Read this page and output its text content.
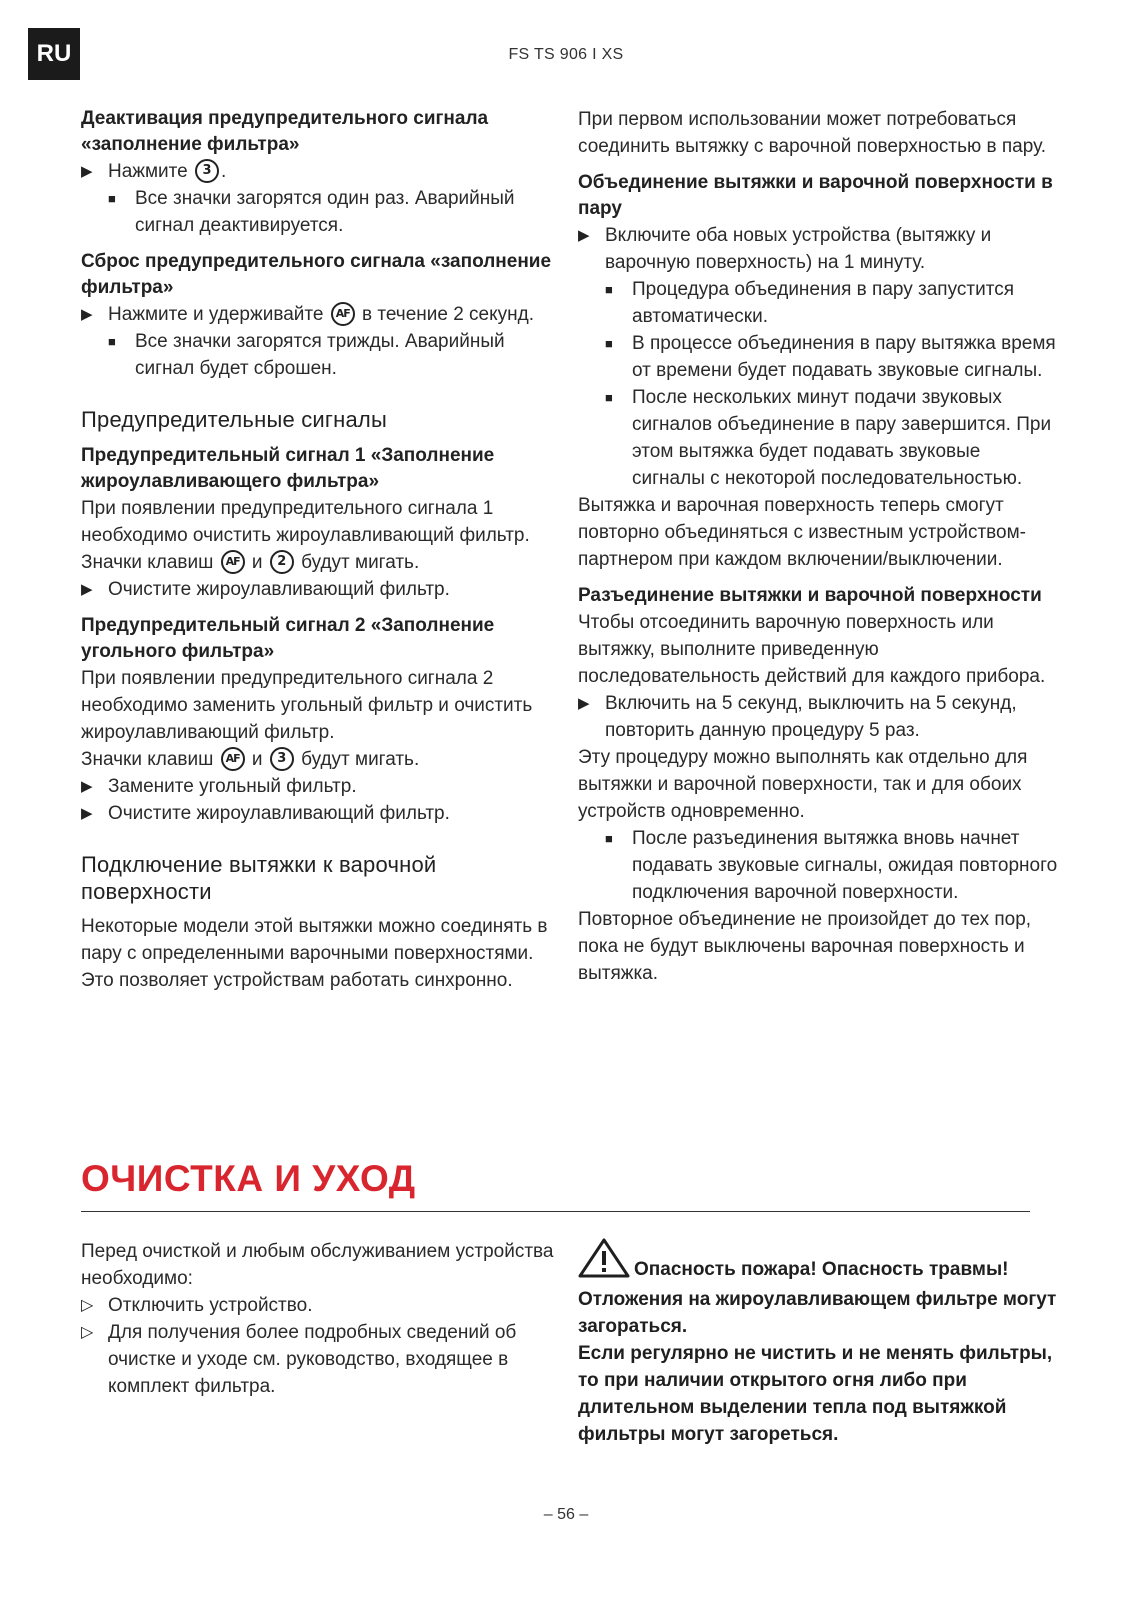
RU	FS TS 906 I XS

Деактивация предупредительного сигнала «заполнение фильтра»

▶ Нажмите 3 .

■ Все значки загорятся один раз. Аварийный сигнал деактивируется.

Сброс предупредительного сигнала «заполнение фильтра»

▶ Нажмите и удерживайте AF в течение 2 секунд.

■ Все значки загорятся трижды. Аварийный сигнал будет сброшен.

Предупредительные сигналы

Предупредительный сигнал 1 «Заполнение жироулавливающего фильтра»

При появлении предупредительного сигнала 1 необходимо очистить жироулавливающий фильтр.

Значки клавиш AF и 2 будут мигать.

▶ Очистите жироулавливающий фильтр.

Предупредительный сигнал 2 «Заполнение угольного фильтра»

При появлении предупредительного сигнала 2 необходимо заменить угольный фильтр и очистить жироулавливающий фильтр.

Значки клавиш AF и 3 будут мигать.

▶ Замените угольный фильтр.

▶ Очистите жироулавливающий фильтр.

Подключение вытяжки к варочной поверхности

Некоторые модели этой вытяжки можно соединять в пару с определенными варочными поверхностями. Это позволяет устройствам работать синхронно.

При первом использовании может потребоваться соединить вытяжку с варочной поверхностью в пару.

Объединение вытяжки и варочной поверхности в пару

▶ Включите оба новых устройства (вытяжку и варочную поверхность) на 1 минуту.

■ Процедура объединения в пару запустится автоматически.

■ В процессе объединения в пару вытяжка время от времени будет подавать звуковые сигналы.

■ После нескольких минут подачи звуковых сигналов объединение в пару завершится. При этом вытяжка будет подавать звуковые сигналы с некоторой последовательностью.

Вытяжка и варочная поверхность теперь смогут повторно объединяться с известным устройством-партнером при каждом включении/выключении.

Разъединение вытяжки и варочной поверхности

Чтобы отсоединить варочную поверхность или вытяжку, выполните приведенную последовательность действий для каждого прибора.

▶ Включить на 5 секунд, выключить на 5 секунд, повторить данную процедуру 5 раз.

Эту процедуру можно выполнять как отдельно для вытяжки и варочной поверхности, так и для обоих устройств одновременно.

■ После разъединения вытяжка вновь начнет подавать звуковые сигналы, ожидая повторного подключения варочной поверхности.

Повторное объединение не произойдет до тех пор, пока не будут выключены варочная поверхность и вытяжка.

ОЧИСТКА И УХОД

Перед очисткой и любым обслуживанием устройства необходимо:

▷ Отключить устройство.

▷ Для получения более подробных сведений об очистке и уходе см. руководство, входящее в комплект фильтра.

Опасность пожара! Опасность травмы!

Отложения на жироулавливающем фильтре могут загораться.

Если регулярно не чистить и не менять фильтры, то при наличии открытого огня либо при длительном выделении тепла под вытяжкой фильтры могут загореться.

– 56 –
